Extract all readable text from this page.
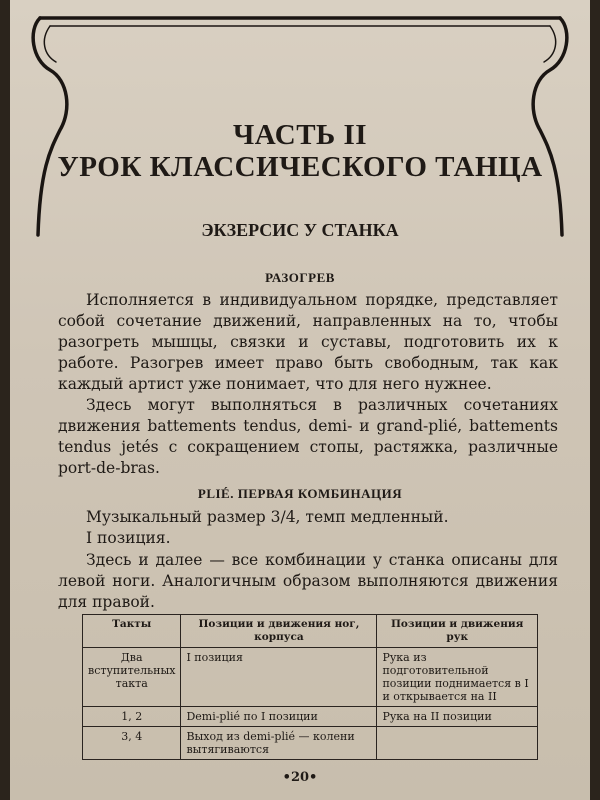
ЧАСТЬ II
УРОК КЛАССИЧЕСКОГО ТАНЦА
ЭКЗЕРСИС У СТАНКА
РАЗОГРЕВ

Исполняется в индивидуальном порядке, представляет собой сочетание движений, направленных на то, чтобы разогреть мышцы, связки и суставы, подготовить их к работе. Разогрев имеет право быть свободным, так как каждый артист уже понимает, что для него нужнее.

Здесь могут выполняться в различных сочетаниях движения battements tendus, demi- и grand-plié, battements tendus jetés с сокращением стопы, растяжка, различные port-de-bras.

PLIÉ. ПЕРВАЯ КОМБИНАЦИЯ

Музыкальный размер 3/4, темп медленный.

I позиция.

Здесь и далее — все комбинации у станка описаны для левой ноги. Аналогичным образом выполняются движения для правой.

Такты	Позиции и движения ног, корпуса	Позиции и движения рук
Два вступительных такта	I позиция	Рука из подготовительной позиции поднимается в I и открывается на II
1, 2	Demi-plié по I позиции	Рука на II позиции
3, 4	Выход из demi-plié — колени вытягиваются	
•20•
